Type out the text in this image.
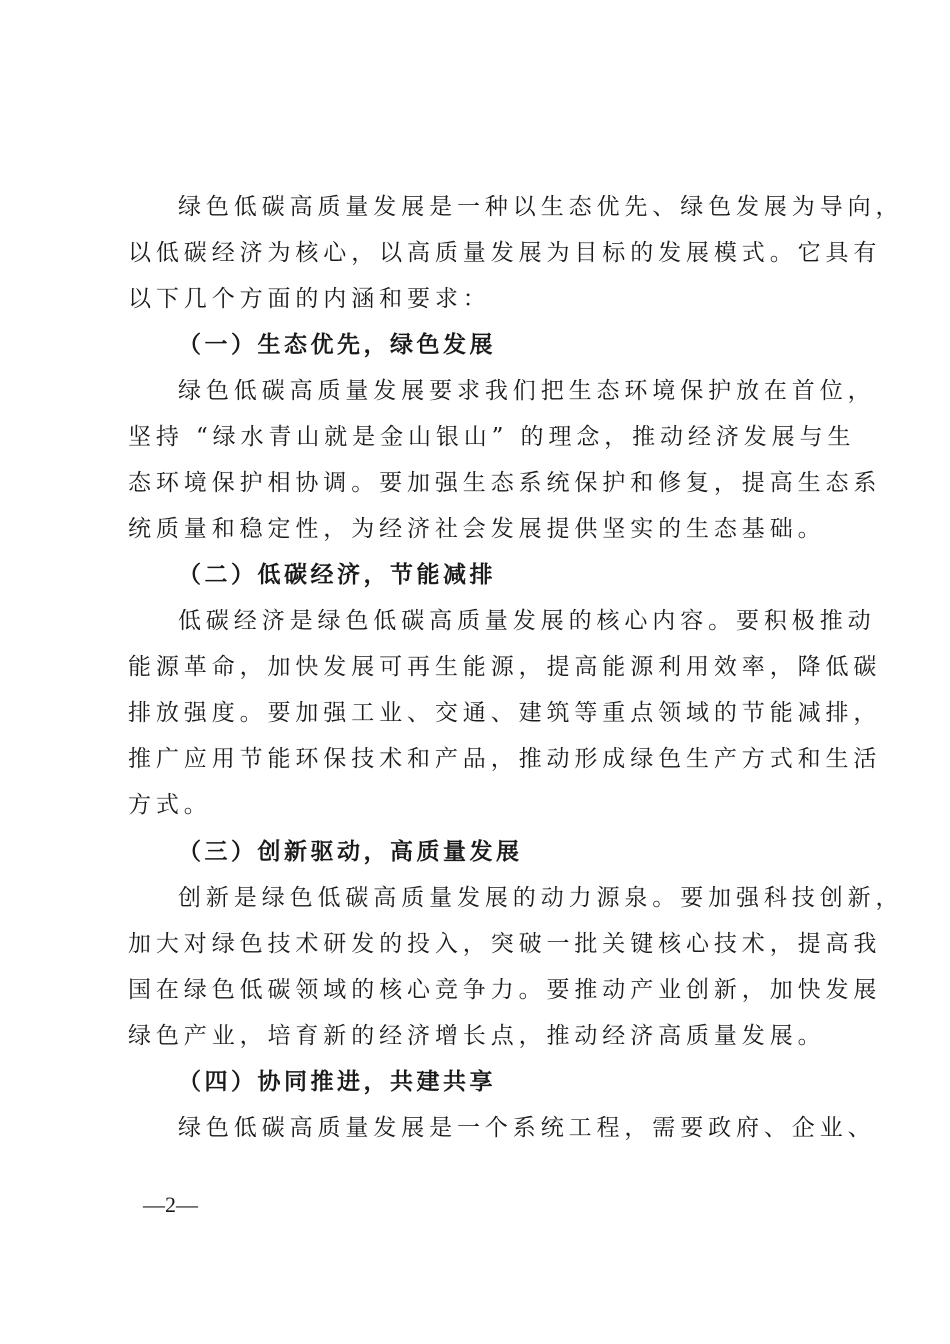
绿色低碳高质量发展是一种以生态优先、绿色发展为导向，
以低碳经济为核心，以高质量发展为目标的发展模式。它具有
以下几个方面的内涵和要求：
（一）生态优先，绿色发展
绿色低碳高质量发展要求我们把生态环境保护放在首位，
坚持 “绿水青山就是金山银山” 的理念，推动经济发展与生
态环境保护相协调。要加强生态系统保护和修复，提高生态系
统质量和稳定性，为经济社会发展提供坚实的生态基础。
（二）低碳经济，节能减排
低碳经济是绿色低碳高质量发展的核心内容。要积极推动
能源革命，加快发展可再生能源，提高能源利用效率，降低碳
排放强度。要加强工业、交通、建筑等重点领域的节能减排，
推广应用节能环保技术和产品，推动形成绿色生产方式和生活
方式。
（三）创新驱动，高质量发展
创新是绿色低碳高质量发展的动力源泉。要加强科技创新，
加大对绿色技术研发的投入，突破一批关键核心技术，提高我
国在绿色低碳领域的核心竞争力。要推动产业创新，加快发展
绿色产业，培育新的经济增长点，推动经济高质量发展。
（四）协同推进，共建共享
绿色低碳高质量发展是一个系统工程，需要政府、企业、
—2—
